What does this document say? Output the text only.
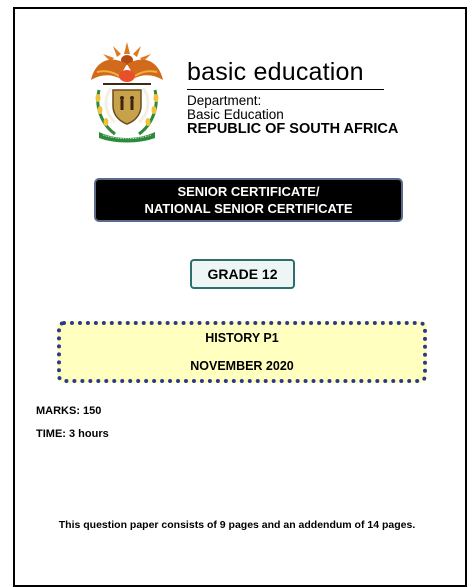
basic education
Department:
Basic Education
REPUBLIC OF SOUTH AFRICA
SENIOR CERTIFICATE/
NATIONAL SENIOR CERTIFICATE
GRADE 12
HISTORY P1
NOVEMBER 2020
MARKS: 150
TIME: 3 hours
This question paper consists of 9 pages and an addendum of 14 pages.
